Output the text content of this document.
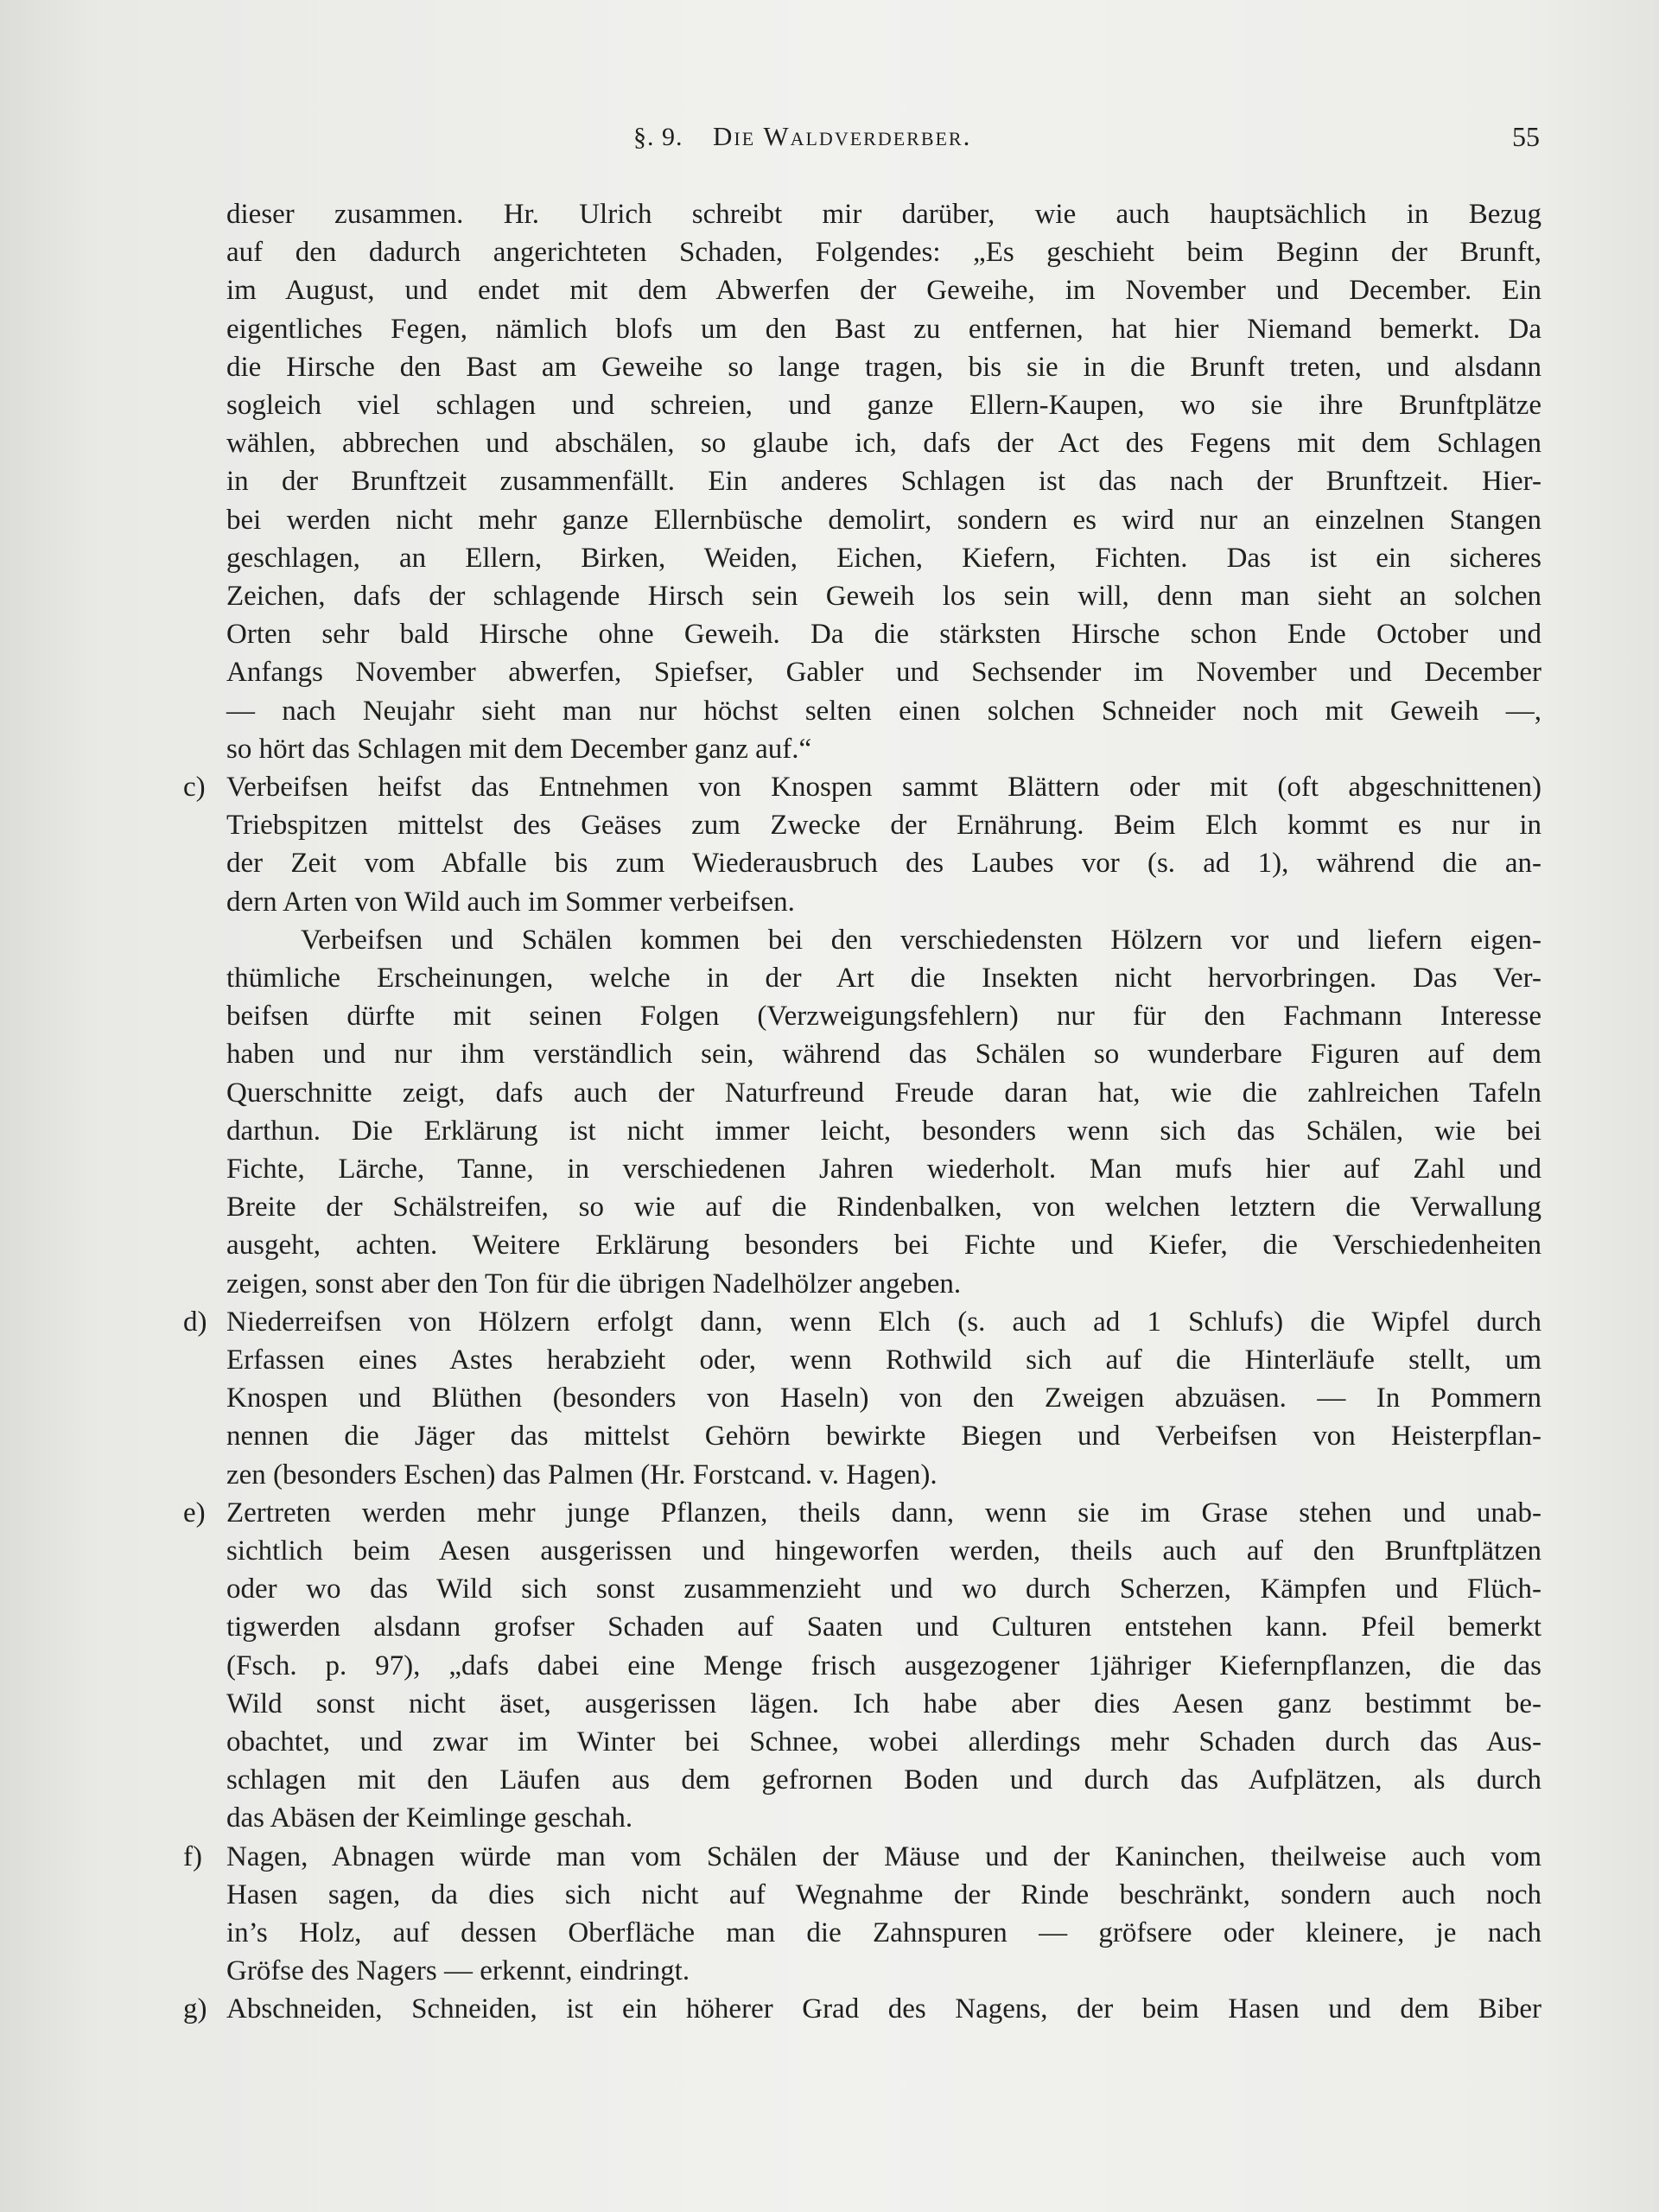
§. 9. Die Waldverderber.	55
dieser zusammen. Hr. Ulrich schreibt mir darüber, wie auch hauptsächlich in Bezug
auf den dadurch angerichteten Schaden, Folgendes: „Es geschieht beim Beginn der Brunft,
im August, und endet mit dem Abwerfen der Geweihe, im November und December. Ein
eigentliches Fegen, nämlich blofs um den Bast zu entfernen, hat hier Niemand bemerkt. Da
die Hirsche den Bast am Geweihe so lange tragen, bis sie in die Brunft treten, und alsdann
sogleich viel schlagen und schreien, und ganze Ellern-Kaupen, wo sie ihre Brunftplätze
wählen, abbrechen und abschälen, so glaube ich, dafs der Act des Fegens mit dem Schlagen
in der Brunftzeit zusammenfällt. Ein anderes Schlagen ist das nach der Brunftzeit. Hier-
bei werden nicht mehr ganze Ellernbüsche demolirt, sondern es wird nur an einzelnen Stangen
geschlagen, an Ellern, Birken, Weiden, Eichen, Kiefern, Fichten. Das ist ein sicheres
Zeichen, dafs der schlagende Hirsch sein Geweih los sein will, denn man sieht an solchen
Orten sehr bald Hirsche ohne Geweih. Da die stärksten Hirsche schon Ende October und
Anfangs November abwerfen, Spiefser, Gabler und Sechsender im November und December
— nach Neujahr sieht man nur höchst selten einen solchen Schneider noch mit Geweih —,
so hört das Schlagen mit dem December ganz auf.“
c) Verbeifsen heifst das Entnehmen von Knospen sammt Blättern oder mit (oft abgeschnittenen)
Triebspitzen mittelst des Geäses zum Zwecke der Ernährung. Beim Elch kommt es nur in
der Zeit vom Abfalle bis zum Wiederausbruch des Laubes vor (s. ad 1), während die an-
dern Arten von Wild auch im Sommer verbeifsen.
Verbeifsen und Schälen kommen bei den verschiedensten Hölzern vor und liefern eigen-
thümliche Erscheinungen, welche in der Art die Insekten nicht hervorbringen. Das Ver-
beifsen dürfte mit seinen Folgen (Verzweigungsfehlern) nur für den Fachmann Interesse
haben und nur ihm verständlich sein, während das Schälen so wunderbare Figuren auf dem
Querschnitte zeigt, dafs auch der Naturfreund Freude daran hat, wie die zahlreichen Tafeln
darthun. Die Erklärung ist nicht immer leicht, besonders wenn sich das Schälen, wie bei
Fichte, Lärche, Tanne, in verschiedenen Jahren wiederholt. Man mufs hier auf Zahl und
Breite der Schälstreifen, so wie auf die Rindenbalken, von welchen letztern die Verwallung
ausgeht, achten. Weitere Erklärung besonders bei Fichte und Kiefer, die Verschiedenheiten
zeigen, sonst aber den Ton für die übrigen Nadelhölzer angeben.
d) Niederreifsen von Hölzern erfolgt dann, wenn Elch (s. auch ad 1 Schlufs) die Wipfel durch
Erfassen eines Astes herabzieht oder, wenn Rothwild sich auf die Hinterläufe stellt, um
Knospen und Blüthen (besonders von Haseln) von den Zweigen abzuäsen. — In Pommern
nennen die Jäger das mittelst Gehörn bewirkte Biegen und Verbeifsen von Heisterpflan-
zen (besonders Eschen) das Palmen (Hr. Forstcand. v. Hagen).
e) Zertreten werden mehr junge Pflanzen, theils dann, wenn sie im Grase stehen und unab-
sichtlich beim Aesen ausgerissen und hingeworfen werden, theils auch auf den Brunftplätzen
oder wo das Wild sich sonst zusammenzieht und wo durch Scherzen, Kämpfen und Flüch-
tigwerden alsdann grofser Schaden auf Saaten und Culturen entstehen kann. Pfeil bemerkt
(Fsch. p. 97), „dafs dabei eine Menge frisch ausgezogener 1jähriger Kiefernpflanzen, die das
Wild sonst nicht äset, ausgerissen lägen. Ich habe aber dies Aesen ganz bestimmt be-
obachtet, und zwar im Winter bei Schnee, wobei allerdings mehr Schaden durch das Aus-
schlagen mit den Läufen aus dem gefrornen Boden und durch das Aufplätzen, als durch
das Abäsen der Keimlinge geschah.
f) Nagen, Abnagen würde man vom Schälen der Mäuse und der Kaninchen, theilweise auch vom
Hasen sagen, da dies sich nicht auf Wegnahme der Rinde beschränkt, sondern auch noch
in’s Holz, auf dessen Oberfläche man die Zahnspuren — gröfsere oder kleinere, je nach
Gröfse des Nagers — erkennt, eindringt.
g) Abschneiden, Schneiden, ist ein höherer Grad des Nagens, der beim Hasen und dem Biber
